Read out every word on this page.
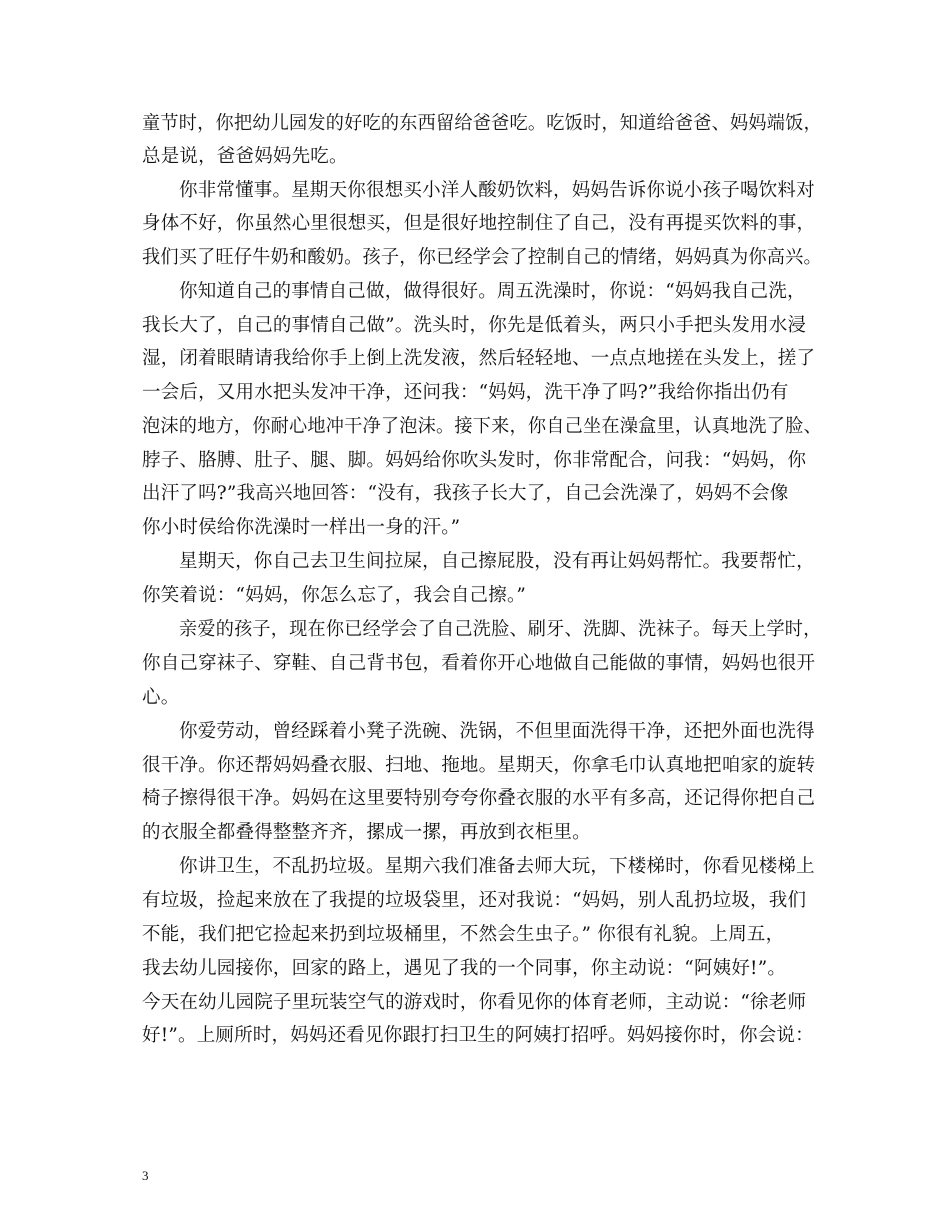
童节时，你把幼儿园发的好吃的东西留给爸爸吃。吃饭时，知道给爸爸、妈妈端饭，
总是说，爸爸妈妈先吃。
你非常懂事。星期天你很想买小洋人酸奶饮料，妈妈告诉你说小孩子喝饮料对
身体不好，你虽然心里很想买，但是很好地控制住了自己，没有再提买饮料的事，
我们买了旺仔牛奶和酸奶。孩子，你已经学会了控制自己的情绪，妈妈真为你高兴。
你知道自己的事情自己做，做得很好。周五洗澡时，你说：“妈妈我自己洗，
我长大了，自己的事情自己做”。洗头时，你先是低着头，两只小手把头发用水浸
湿，闭着眼睛请我给你手上倒上洗发液，然后轻轻地、一点点地搓在头发上，搓了
一会后，又用水把头发冲干净，还问我：“妈妈，洗干净了吗?”我给你指出仍有
泡沫的地方，你耐心地冲干净了泡沫。接下来，你自己坐在澡盒里，认真地洗了脸、
脖子、胳膊、肚子、腿、脚。妈妈给你吹头发时，你非常配合，问我：“妈妈，你
出汗了吗?”我高兴地回答：“没有，我孩子长大了，自己会洗澡了，妈妈不会像
你小时侯给你洗澡时一样出一身的汗。”
星期天，你自己去卫生间拉屎，自己擦屁股，没有再让妈妈帮忙。我要帮忙，
你笑着说：“妈妈，你怎么忘了，我会自己擦。”
亲爱的孩子，现在你已经学会了自己洗脸、刷牙、洗脚、洗袜子。每天上学时，
你自己穿袜子、穿鞋、自己背书包，看着你开心地做自己能做的事情，妈妈也很开
心。
你爱劳动，曾经踩着小凳子洗碗、洗锅，不但里面洗得干净，还把外面也洗得
很干净。你还帮妈妈叠衣服、扫地、拖地。星期天，你拿毛巾认真地把咱家的旋转
椅子擦得很干净。妈妈在这里要特别夸夸你叠衣服的水平有多高，还记得你把自己
的衣服全都叠得整整齐齐，摞成一摞，再放到衣柜里。
你讲卫生，不乱扔垃圾。星期六我们准备去师大玩，下楼梯时，你看见楼梯上
有垃圾，捡起来放在了我提的垃圾袋里，还对我说：“妈妈，别人乱扔垃圾，我们
不能，我们把它捡起来扔到垃圾桶里，不然会生虫子。” 你很有礼貌。上周五，
我去幼儿园接你，回家的路上，遇见了我的一个同事，你主动说：“阿姨好!”。
今天在幼儿园院子里玩装空气的游戏时，你看见你的体育老师，主动说：“徐老师
好!”。上厕所时，妈妈还看见你跟打扫卫生的阿姨打招呼。妈妈接你时，你会说：
3
